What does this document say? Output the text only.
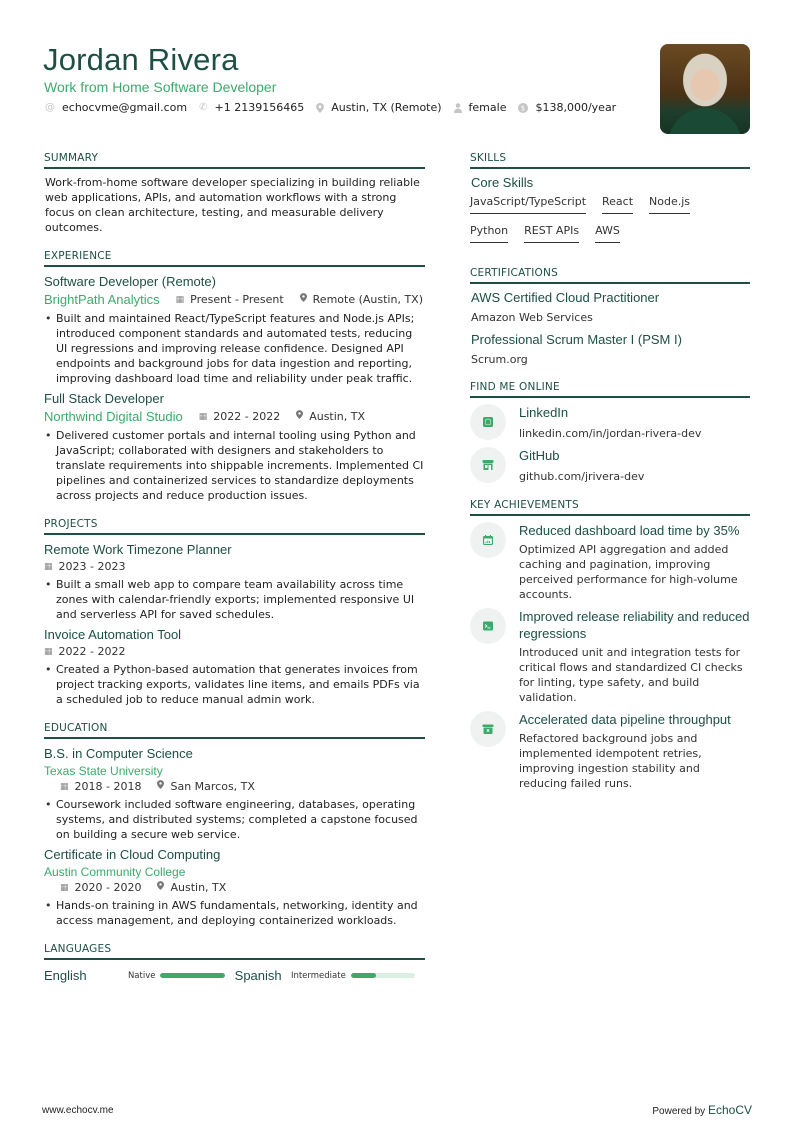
Jordan Rivera
Work from Home Software Developer
@ echocvme@gmail.com ✆ +1 2139156465 Austin, TX (Remote) female $ $138,000/year
SUMMARY
Work-from-home software developer specializing in building reliable web applications, APIs, and automation workflows with a strong focus on clean architecture, testing, and measurable delivery outcomes.
EXPERIENCE
Software Developer (Remote)
BrightPath Analytics ▦ Present - Present	Remote (Austin, TX)
• Built and maintained React/TypeScript features and Node.js APIs; introduced component standards and automated tests, reducing UI regressions and improving release confidence. Designed API endpoints and background jobs for data ingestion and reporting, improving dashboard load time and reliability under peak traffic.
Full Stack Developer
Northwind Digital Studio ▦ 2022 - 2022	Austin, TX
• Delivered customer portals and internal tooling using Python and JavaScript; collaborated with designers and stakeholders to translate requirements into shippable increments. Implemented CI pipelines and containerized services to standardize deployments across projects and reduce production issues.
PROJECTS
Remote Work Timezone Planner
▦ 2023 - 2023
• Built a small web app to compare team availability across time zones with calendar-friendly exports; implemented responsive UI and serverless API for saved schedules.
Invoice Automation Tool
▦ 2022 - 2022
• Created a Python-based automation that generates invoices from project tracking exports, validates line items, and emails PDFs via a scheduled job to reduce manual admin work.
EDUCATION
B.S. in Computer Science
Texas State University
▦ 2018 - 2018	San Marcos, TX
• Coursework included software engineering, databases, operating systems, and distributed systems; completed a capstone focused on building a secure web service.
Certificate in Cloud Computing
Austin Community College
▦ 2020 - 2020	Austin, TX
• Hands-on training in AWS fundamentals, networking, identity and access management, and deploying containerized workloads.
LANGUAGES
English	Native	Spanish	Intermediate
SKILLS
Core Skills
JavaScript/TypeScript React Node.js
Python REST APIs AWS
CERTIFICATIONS
AWS Certified Cloud Practitioner
Amazon Web Services
Professional Scrum Master I (PSM I)
Scrum.org
FIND ME ONLINE
LinkedIn
linkedin.com/in/jordan-rivera-dev
GitHub
github.com/jrivera-dev
KEY ACHIEVEMENTS
Reduced dashboard load time by 35%
Optimized API aggregation and added caching and pagination, improving perceived performance for high-volume accounts.
Improved release reliability and reduced regressions
Introduced unit and integration tests for critical flows and standardized CI checks for linting, type safety, and build validation.
Accelerated data pipeline throughput
Refactored background jobs and implemented idempotent retries, improving ingestion stability and reducing failed runs.
www.echocv.me	Powered by EchoCV
